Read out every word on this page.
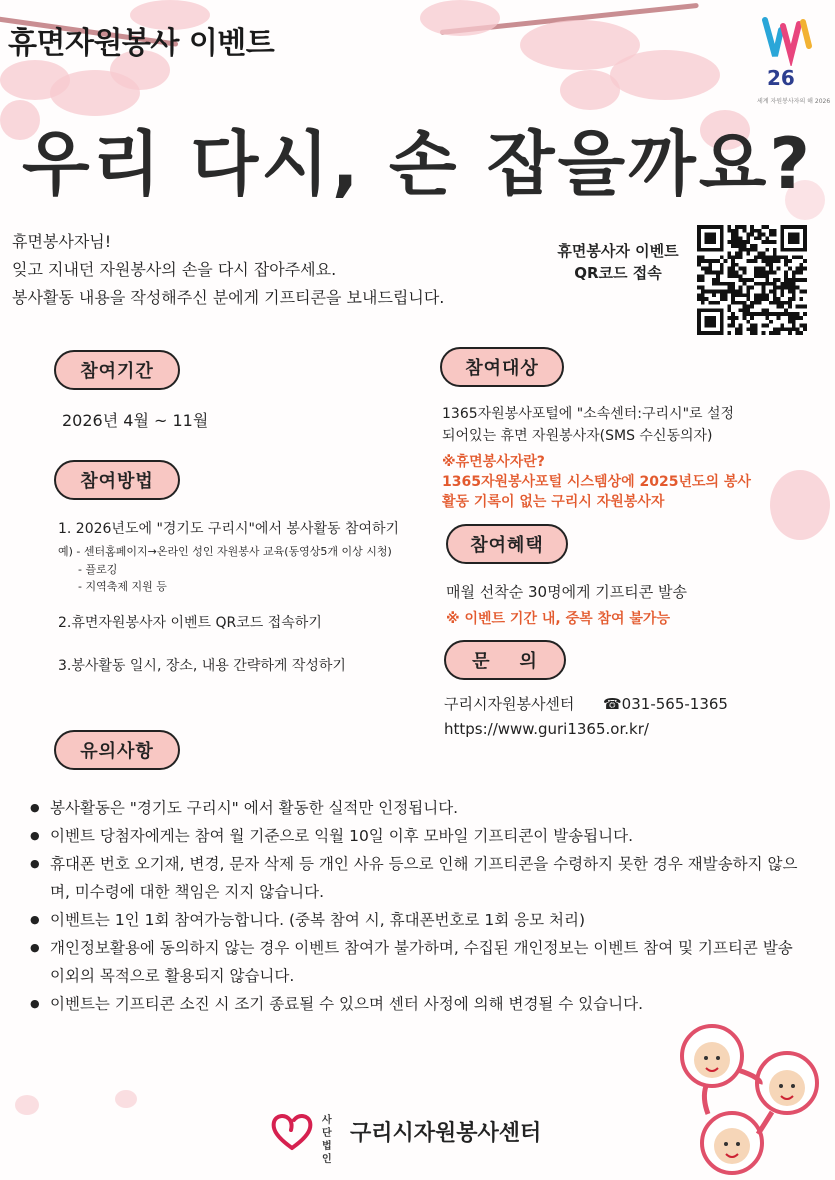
26
세계 자원봉사자의 해 2026
휴면자원봉사 이벤트
우리 다시, 손 잡을까요?
휴면봉사자님!
잊고 지내던 자원봉사의 손을 다시 잡아주세요.
봉사활동 내용을 작성해주신 분에게 기프티콘을 보내드립니다.
휴면봉사자 이벤트
QR코드 접속
참여기간
2026년 4월 ~ 11월
참여방법
1. 2026년도에 "경기도 구리시"에서 봉사활동 참여하기
예) - 센터홈페이지→온라인 성인 자원봉사 교육(동영상5개 이상 시청)
- 플로깅
- 지역축제 지원 등
2.휴면자원봉사자 이벤트 QR코드 접속하기
3.봉사활동 일시, 장소, 내용 간략하게 작성하기
참여대상
1365자원봉사포털에 "소속센터:구리시"로 설정
되어있는 휴면 자원봉사자(SMS 수신동의자)
※휴면봉사자란?
1365자원봉사포털 시스템상에 2025년도의 봉사
활동 기록이 없는 구리시 자원봉사자
참여혜택
매월 선착순 30명에게 기프티콘 발송
※ 이벤트 기간 내, 중복 참여 불가능
문    의
구리시자원봉사센터 ☎031-565-1365
https://www.guri1365.or.kr/
유의사항
● 봉사활동은 "경기도 구리시" 에서 활동한 실적만 인정됩니다.
● 이벤트 당첨자에게는 참여 월 기준으로 익월 10일 이후 모바일 기프티콘이 발송됩니다.
● 휴대폰 번호 오기재, 변경, 문자 삭제 등 개인 사유 등으로 인해 기프티콘을 수령하지 못한 경우 재발송하지 않으며, 미수령에 대한 책임은 지지 않습니다.
● 이벤트는 1인 1회 참여가능합니다. (중복 참여 시, 휴대폰번호로 1회 응모 처리)
● 개인정보활용에 동의하지 않는 경우 이벤트 참여가 불가하며, 수집된 개인정보는 이벤트 참여 및 기프티콘 발송 이외의 목적으로 활용되지 않습니다.
● 이벤트는 기프티콘 소진 시 조기 종료될 수 있으며 센터 사정에 의해 변경될 수 있습니다.
사단
법인
구리시자원봉사센터
